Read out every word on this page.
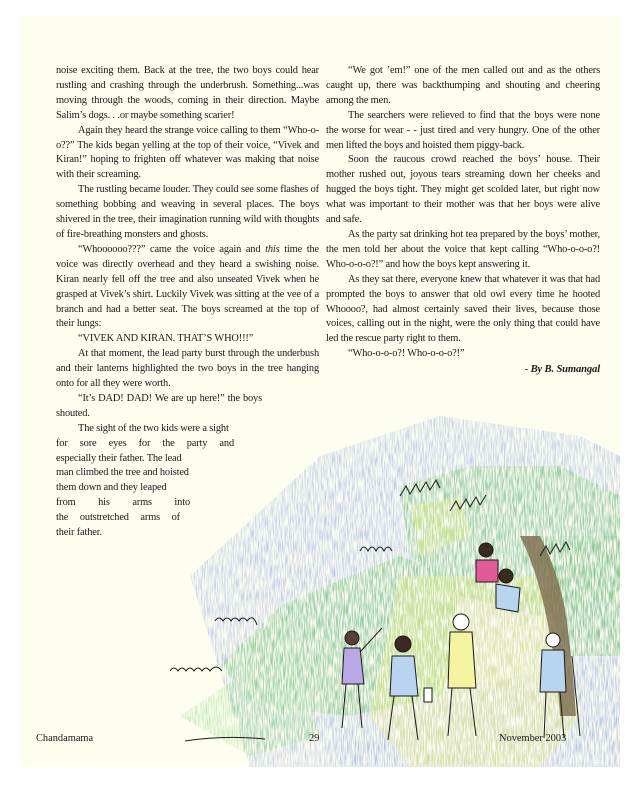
noise exciting them. Back at the tree, the two boys could hear rustling and crashing through the underbrush. Something...was moving through the woods, coming in their direction. Maybe Salim’s dogs. . .or maybe something scarier!

Again they heard the strange voice calling to them “Who-o-o??” The kids began yelling at the top of their voice, “Vivek and Kiran!” hoping to frighten off whatever was making that noise with their screaming.

The rustling became louder. They could see some flashes of something bobbing and weaving in several places. The boys shivered in the tree, their imagination running wild with thoughts of fire-breathing monsters and ghosts.

“Whoooooo???” came the voice again and this time the voice was directly overhead and they heard a swishing noise. Kiran nearly fell off the tree and also unseated Vivek when he grasped at Vivek’s shirt. Luckily Vivek was sitting at the vee of a branch and had a better seat. The boys screamed at the top of their lungs:

“VIVEK AND KIRAN. THAT’S WHO!!!”

At that moment, the lead party burst through the underbush and their lanterns highlighted the two boys in the tree hanging onto for all they were worth.

“It’s DAD! DAD! We are up here!” the boys shouted.

The sight of the two kids were a sight

for sore eyes for the party and

especially their father. The lead

man climbed the tree and hoisted

them down and they leaped

from his arms into

the outstretched arms of

their father.

“We got ’em!” one of the men called out and as the others caught up, there was backthumping and shouting and cheering among the men.

The searchers were relieved to find that the boys were none the worse for wear - - just tired and very hungry. One of the other men lifted the boys and hoisted them piggy-back.

Soon the raucous crowd reached the boys’ house. Their mother rushed out, joyous tears streaming down her cheeks and hugged the boys tight. They might get scolded later, but right now what was important to their mother was that her boys were alive and safe.

As the party sat drinking hot tea prepared by the boys’ mother, the men told her about the voice that kept calling “Who-o-o-o?! Who-o-o-o?!” and how the boys kept answering it.

As they sat there, everyone knew that whatever it was that had prompted the boys to answer that old owl every time he hooted Whoooo?, had almost certainly saved their lives, because those voices, calling out in the night, were the only thing that could have led the rescue party right to them.

“Who-o-o-o?! Who-o-o-o?!”

- By B. Sumangal
Chandamama	29	November 2003
